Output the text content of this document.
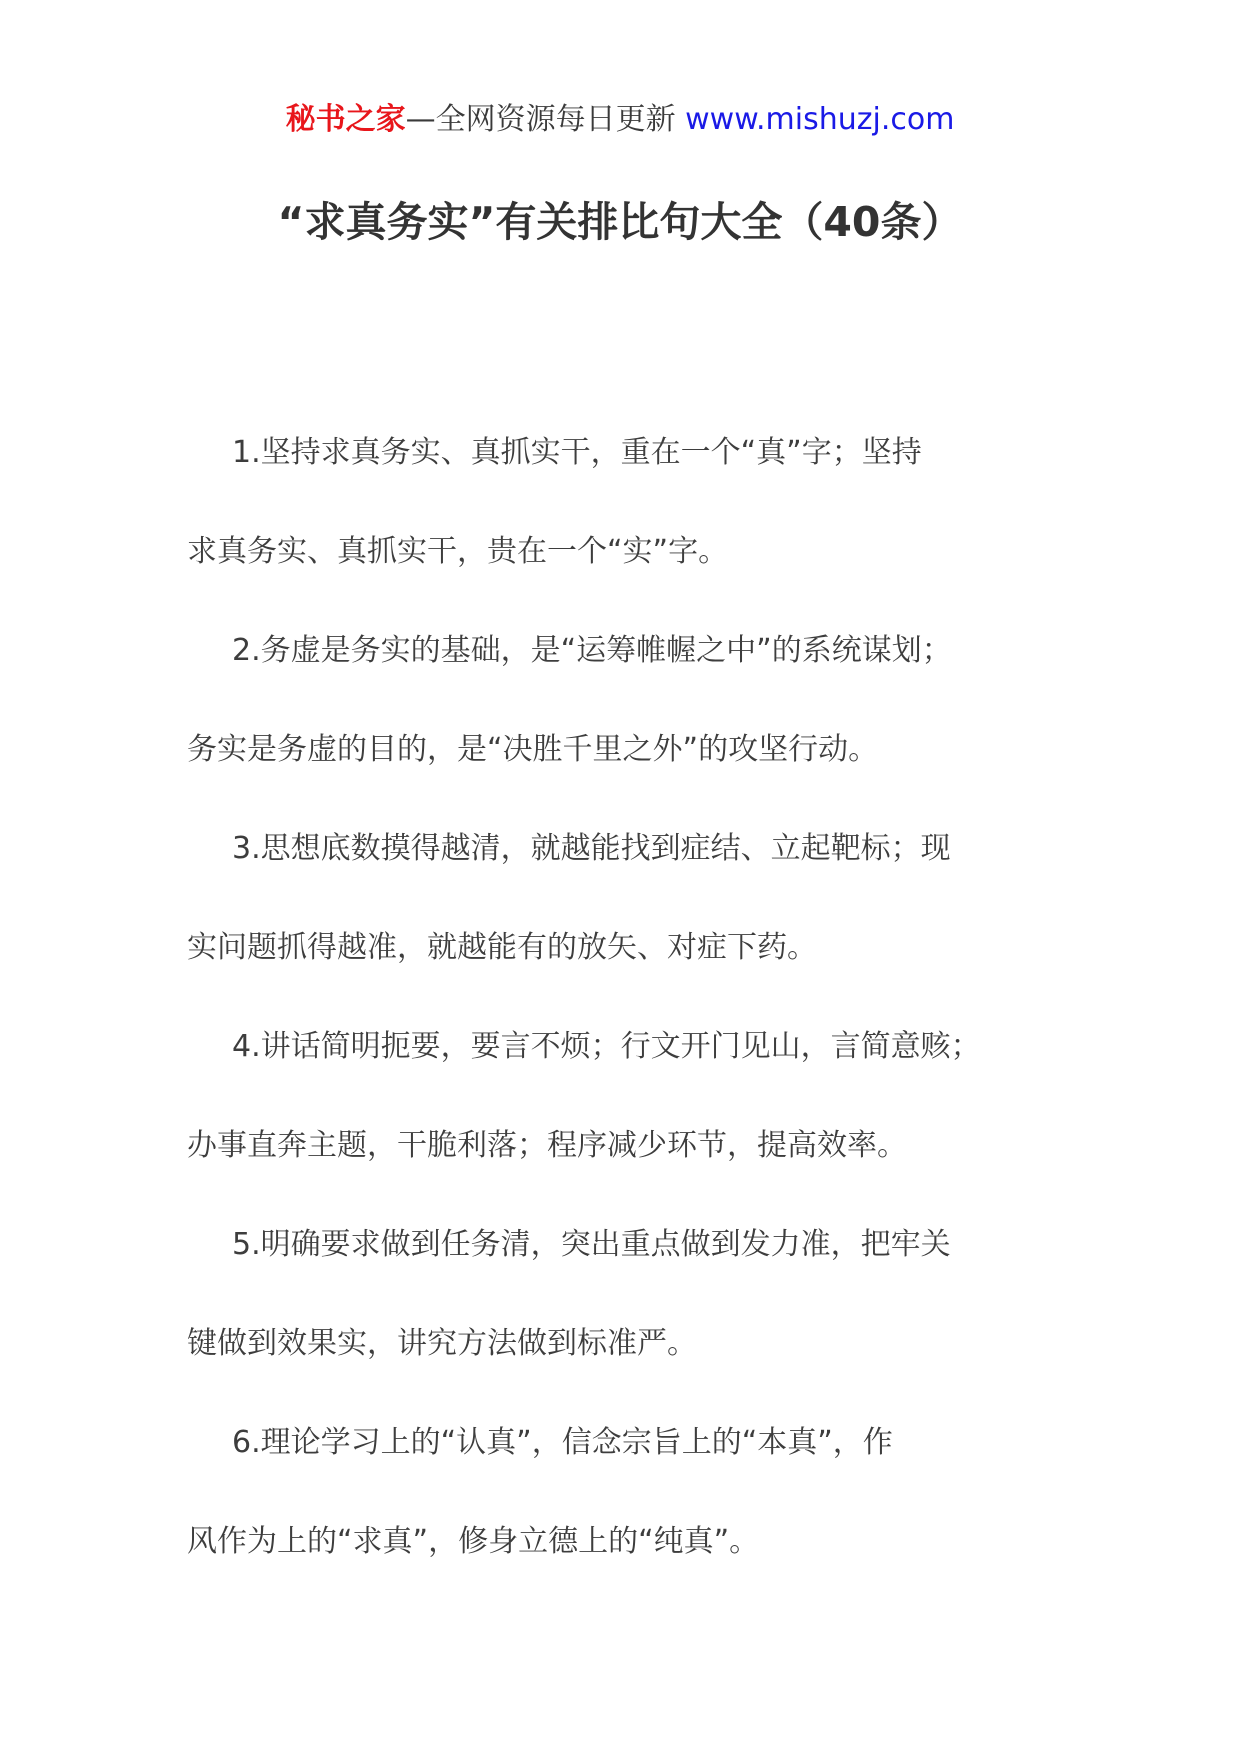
秘书之家—全网资源每日更新 www.mishuzj.com
“求真务实”有关排比句大全（40条）

1.坚持求真务实、真抓实干，重在一个“真”字；坚持
求真务实、真抓实干，贵在一个“实”字。

2.务虚是务实的基础，是“运筹帷幄之中”的系统谋划；
务实是务虚的目的，是“决胜千里之外”的攻坚行动。

3.思想底数摸得越清，就越能找到症结、立起靶标；现
实问题抓得越准，就越能有的放矢、对症下药。

4.讲话简明扼要，要言不烦；行文开门见山，言简意赅；
办事直奔主题，干脆利落；程序减少环节，提高效率。

5.明确要求做到任务清，突出重点做到发力准，把牢关
键做到效果实，讲究方法做到标准严。

6.理论学习上的“认真”，信念宗旨上的“本真”，作
风作为上的“求真”，修身立德上的“纯真”。
